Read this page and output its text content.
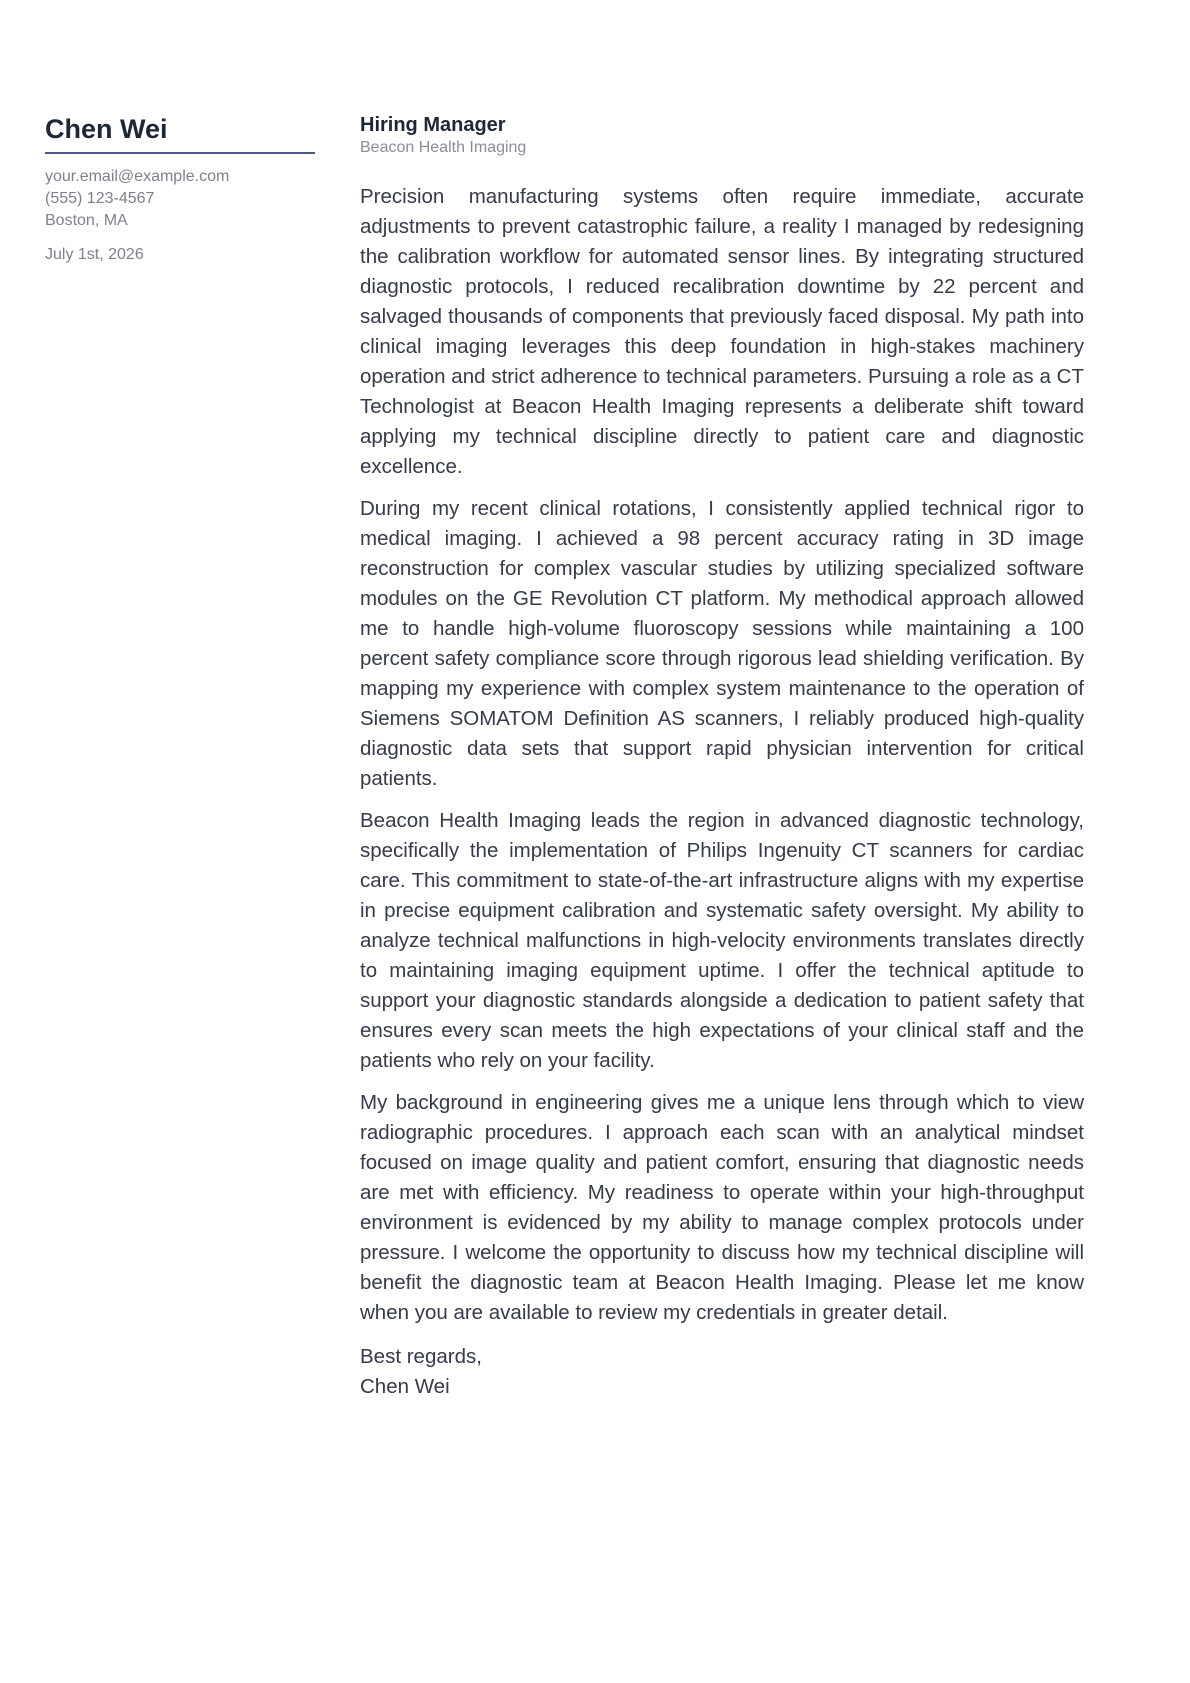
Chen Wei
your.email@example.com
(555) 123-4567
Boston, MA
July 1st, 2026
Hiring Manager
Beacon Health Imaging

Precision manufacturing systems often require immediate, accurate adjustments to prevent catastrophic failure, a reality I managed by redesigning the calibration workflow for automated sensor lines. By integrating structured diagnostic protocols, I reduced recalibration downtime by 22 percent and salvaged thousands of components that previously faced disposal. My path into clinical imaging leverages this deep foundation in high-stakes machinery operation and strict adherence to technical parameters. Pursuing a role as a CT Technologist at Beacon Health Imaging represents a deliberate shift toward applying my technical discipline directly to patient care and diagnostic excellence.

During my recent clinical rotations, I consistently applied technical rigor to medical imaging. I achieved a 98 percent accuracy rating in 3D image reconstruction for complex vascular studies by utilizing specialized software modules on the GE Revolution CT platform. My methodical approach allowed me to handle high-volume fluoroscopy sessions while maintaining a 100 percent safety compliance score through rigorous lead shielding verification. By mapping my experience with complex system maintenance to the operation of Siemens SOMATOM Definition AS scanners, I reliably produced high-quality diagnostic data sets that support rapid physician intervention for critical patients.

Beacon Health Imaging leads the region in advanced diagnostic technology, specifically the implementation of Philips Ingenuity CT scanners for cardiac care. This commitment to state-of-the-art infrastructure aligns with my expertise in precise equipment calibration and systematic safety oversight. My ability to analyze technical malfunctions in high-velocity environments translates directly to maintaining imaging equipment uptime. I offer the technical aptitude to support your diagnostic standards alongside a dedication to patient safety that ensures every scan meets the high expectations of your clinical staff and the patients who rely on your facility.

My background in engineering gives me a unique lens through which to view radiographic procedures. I approach each scan with an analytical mindset focused on image quality and patient comfort, ensuring that diagnostic needs are met with efficiency. My readiness to operate within your high-throughput environment is evidenced by my ability to manage complex protocols under pressure. I welcome the opportunity to discuss how my technical discipline will benefit the diagnostic team at Beacon Health Imaging. Please let me know when you are available to review my credentials in greater detail.

Best regards,
Chen Wei
